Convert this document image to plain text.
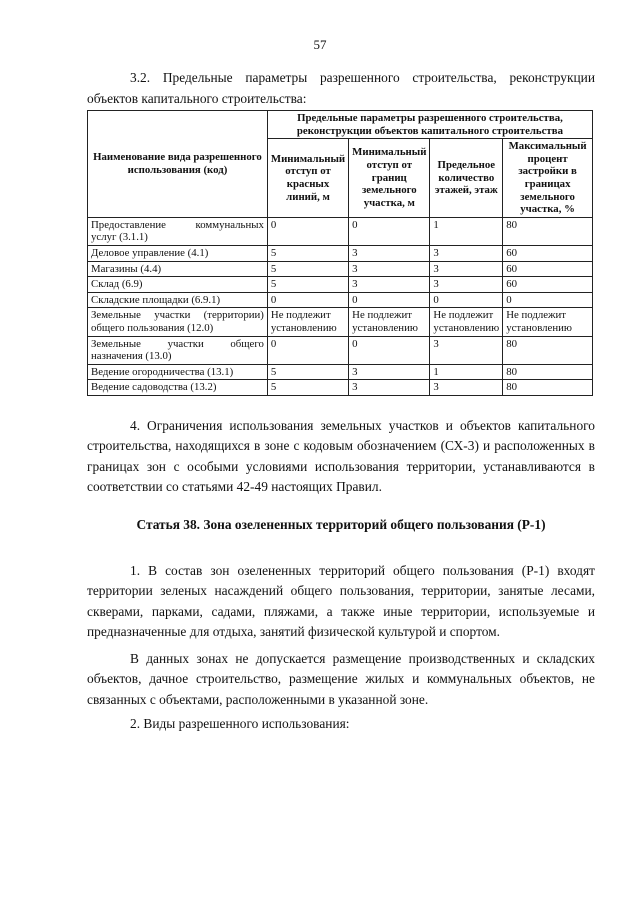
57

3.2. Предельные параметры разрешенного строительства, реконструкции объектов капитального строительства:

Наименование вида разрешенного использования (код)	Предельные параметры разрешенного строительства, реконструкции объектов капитального строительства			
	Минимальный отступ от красных линий, м	Минимальный отступ от границ земельного участка, м	Предельное количество этажей, этаж	Максимальный процент застройки в границах земельного участка, %
Предоставление коммунальных услуг (3.1.1)	0	0	1	80
Деловое управление (4.1)	5	3	3	60
Магазины (4.4)	5	3	3	60
Склад (6.9)	5	3	3	60
Складские площадки (6.9.1)	0	0	0	0
Земельные участки (территории) общего пользования (12.0)	Не подлежит установлению	Не подлежит установлению	Не подлежит установлению	Не подлежит установлению
Земельные участки общего назначения (13.0)	0	0	3	80
Ведение огородничества (13.1)	5	3	1	80
Ведение садоводства (13.2)	5	3	3	80

4. Ограничения использования земельных участков и объектов капитального строительства, находящихся в зоне с кодовым обозначением (СХ-3) и расположенных в границах зон с особыми условиями использования территории, устанавливаются в соответствии со статьями 42-49 настоящих Правил.

Статья 38. Зона озелененных территорий общего пользования (Р-1)

1. В состав зон озелененных территорий общего пользования (Р-1) входят территории зеленых насаждений общего пользования, территории, занятые лесами, скверами, парками, садами, пляжами, а также иные территории, используемые и предназначенные для отдыха, занятий физической культурой и спортом.

В данных зонах не допускается размещение производственных и складских объектов, дачное строительство, размещение жилых и коммунальных объектов, не связанных с объектами, расположенными в указанной зоне.

2. Виды разрешенного использования:
